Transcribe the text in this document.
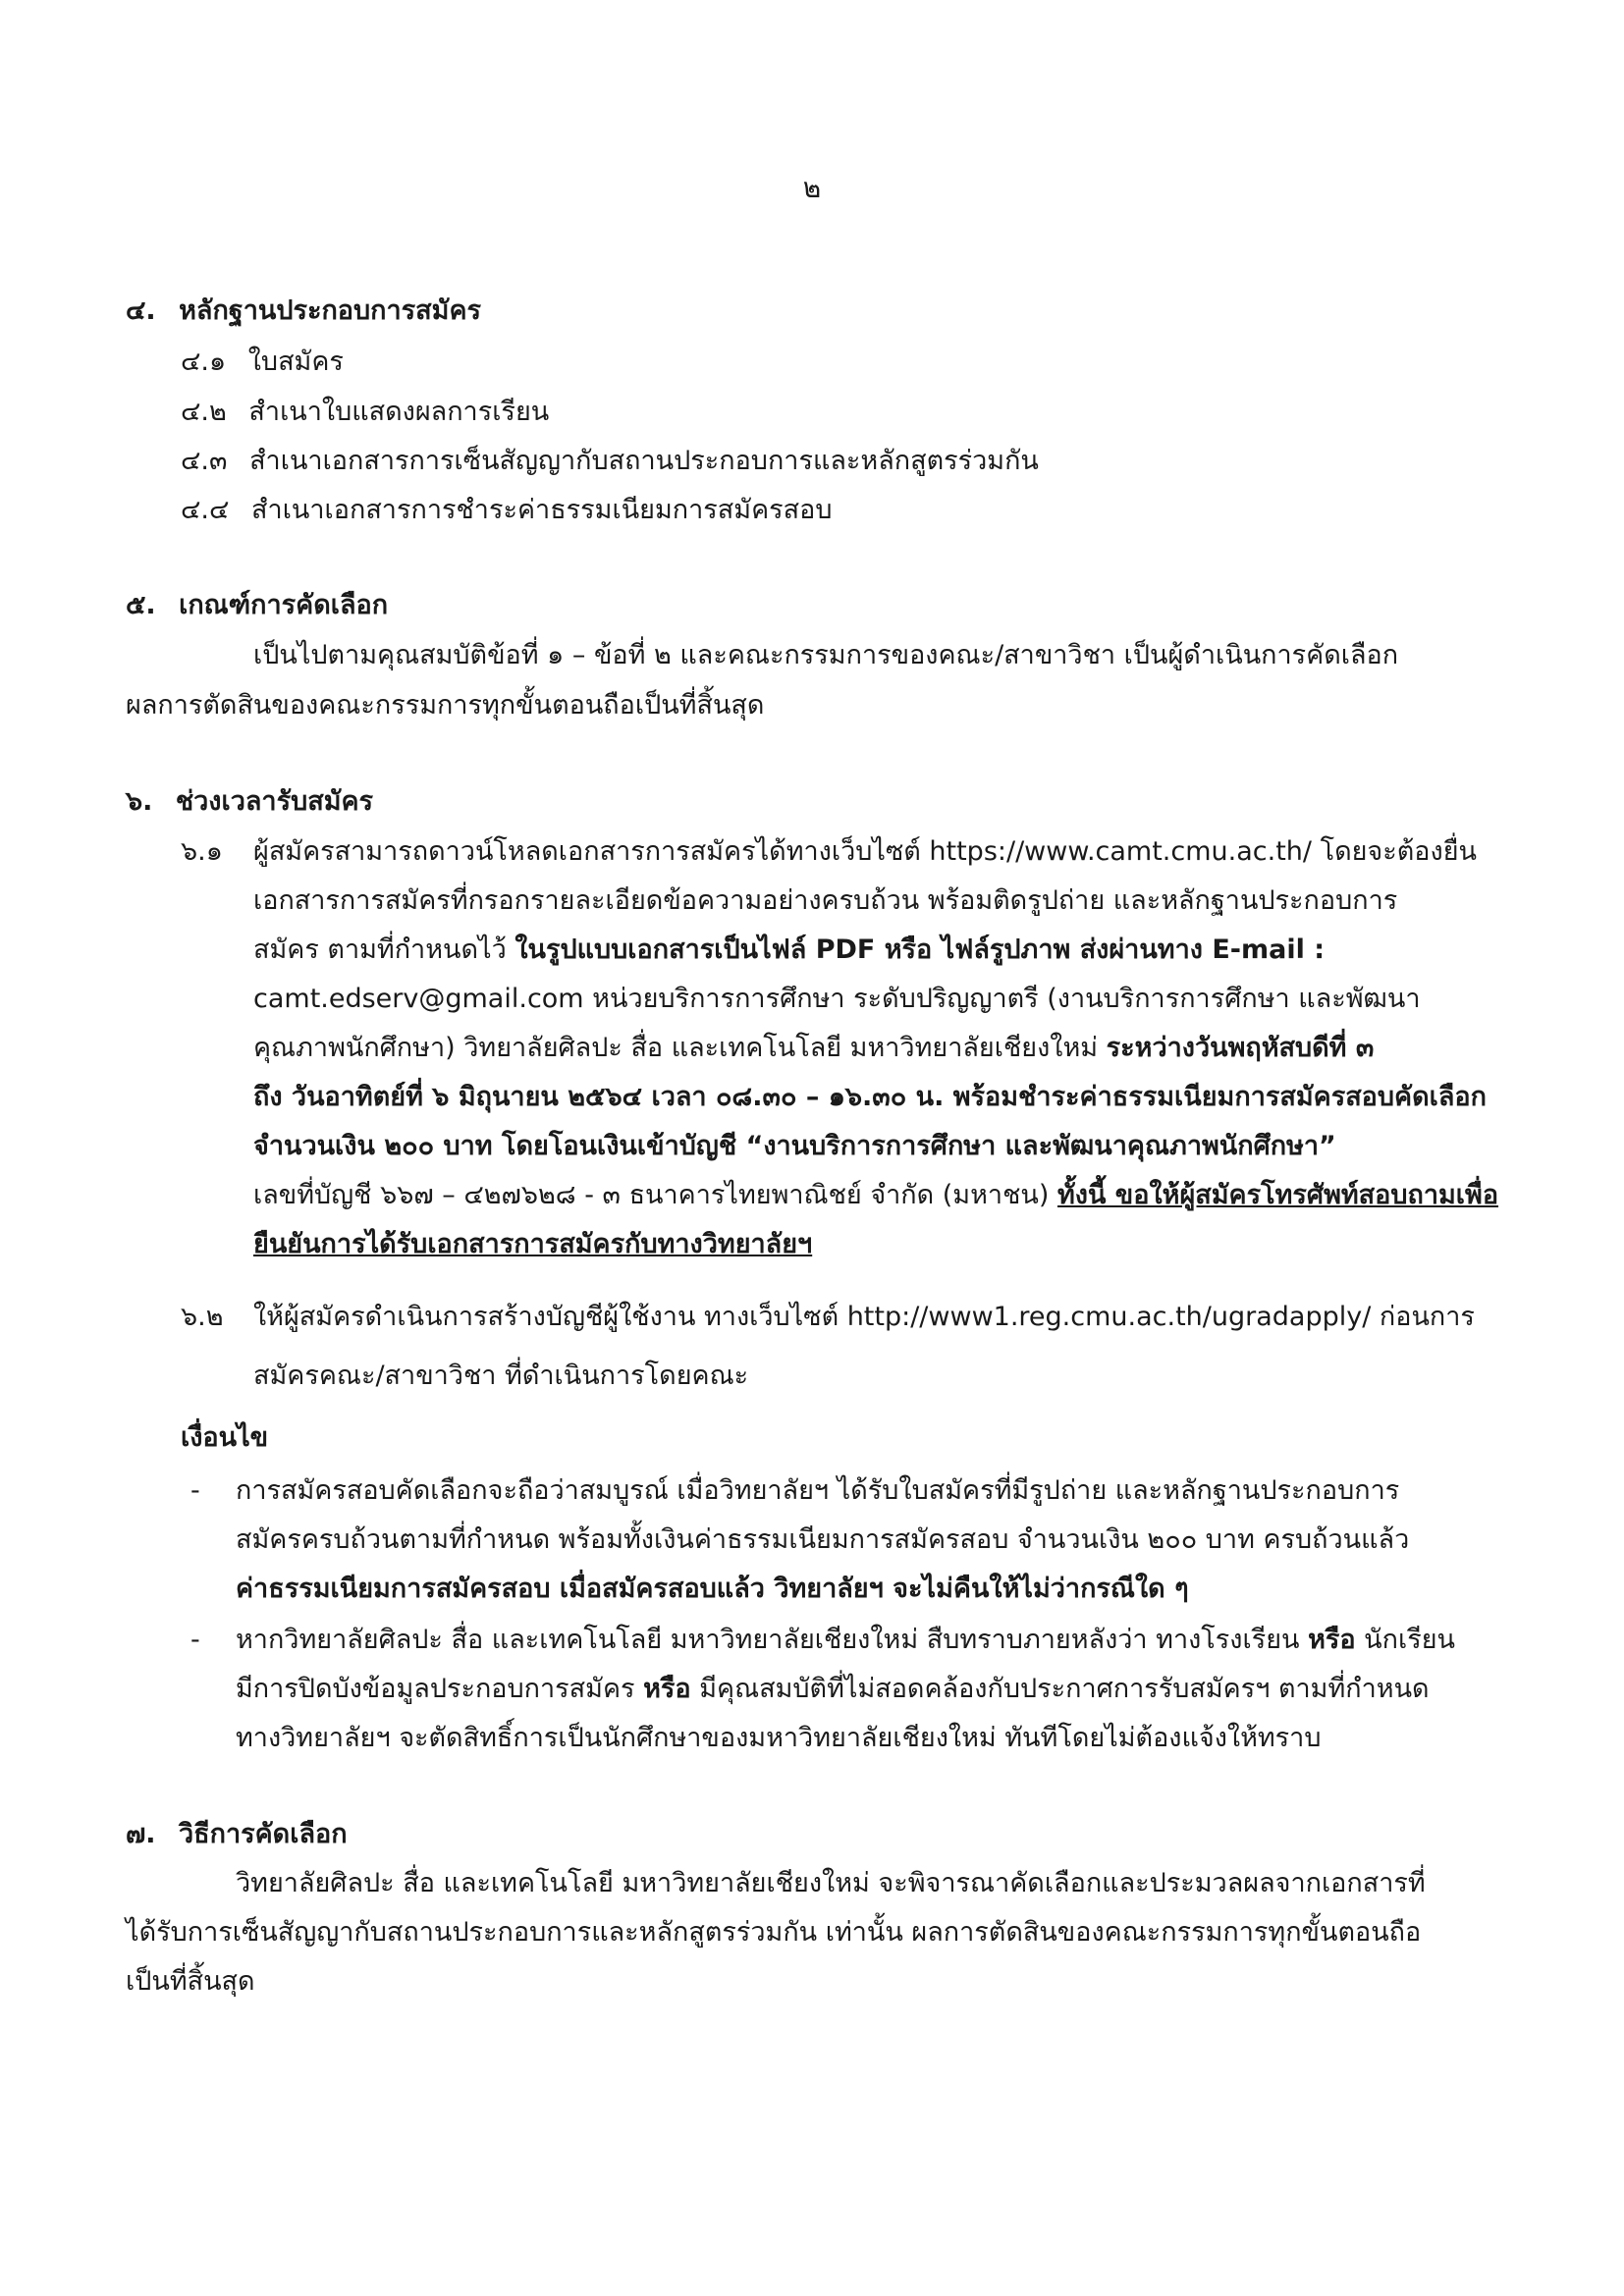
๒
๔. หลักฐานประกอบการสมัคร
๔.๑ ใบสมัคร
๔.๒ สำเนาใบแสดงผลการเรียน
๔.๓ สำเนาเอกสารการเซ็นสัญญากับสถานประกอบการและหลักสูตรร่วมกัน
๔.๔ สำเนาเอกสารการชำระค่าธรรมเนียมการสมัครสอบ
๕. เกณฑ์การคัดเลือก
เป็นไปตามคุณสมบัติข้อที่ ๑ – ข้อที่ ๒ และคณะกรรมการของคณะ/สาขาวิชา เป็นผู้ดำเนินการคัดเลือก
ผลการตัดสินของคณะกรรมการทุกขั้นตอนถือเป็นที่สิ้นสุด
๖. ช่วงเวลารับสมัคร
๖.๑ ผู้สมัครสามารถดาวน์โหลดเอกสารการสมัครได้ทางเว็บไซต์ https://www.camt.cmu.ac.th/ โดยจะต้องยื่น
เอกสารการสมัครที่กรอกรายละเอียดข้อความอย่างครบถ้วน พร้อมติดรูปถ่าย และหลักฐานประกอบการ
สมัคร ตามที่กำหนดไว้ ในรูปแบบเอกสารเป็นไฟล์ PDF หรือ ไฟล์รูปภาพ ส่งผ่านทาง E-mail :
camt.edserv@gmail.com หน่วยบริการการศึกษา ระดับปริญญาตรี (งานบริการการศึกษา และพัฒนา
คุณภาพนักศึกษา) วิทยาลัยศิลปะ สื่อ และเทคโนโลยี มหาวิทยาลัยเชียงใหม่ ระหว่างวันพฤหัสบดีที่ ๓
ถึง วันอาทิตย์ที่ ๖ มิถุนายน ๒๕๖๔ เวลา ๐๘.๓๐ – ๑๖.๓๐ น. พร้อมชำระค่าธรรมเนียมการสมัครสอบคัดเลือก
จำนวนเงิน ๒๐๐ บาท โดยโอนเงินเข้าบัญชี “งานบริการการศึกษา และพัฒนาคุณภาพนักศึกษา”
เลขที่บัญชี ๖๖๗ – ๔๒๗๖๒๘ - ๓ ธนาคารไทยพาณิชย์ จำกัด (มหาชน) ทั้งนี้ ขอให้ผู้สมัครโทรศัพท์สอบถามเพื่อ
ยืนยันการได้รับเอกสารการสมัครกับทางวิทยาลัยฯ
๖.๒ ให้ผู้สมัครดำเนินการสร้างบัญชีผู้ใช้งาน ทางเว็บไซต์ http://www1.reg.cmu.ac.th/ugradapply/ ก่อนการ
สมัครคณะ/สาขาวิชา ที่ดำเนินการโดยคณะ
เงื่อนไข
- การสมัครสอบคัดเลือกจะถือว่าสมบูรณ์ เมื่อวิทยาลัยฯ ได้รับใบสมัครที่มีรูปถ่าย และหลักฐานประกอบการ
สมัครครบถ้วนตามที่กำหนด พร้อมทั้งเงินค่าธรรมเนียมการสมัครสอบ จำนวนเงิน ๒๐๐ บาท ครบถ้วนแล้ว
ค่าธรรมเนียมการสมัครสอบ เมื่อสมัครสอบแล้ว วิทยาลัยฯ จะไม่คืนให้ไม่ว่ากรณีใด ๆ
- หากวิทยาลัยศิลปะ สื่อ และเทคโนโลยี มหาวิทยาลัยเชียงใหม่ สืบทราบภายหลังว่า ทางโรงเรียน หรือ นักเรียน
มีการปิดบังข้อมูลประกอบการสมัคร หรือ มีคุณสมบัติที่ไม่สอดคล้องกับประกาศการรับสมัครฯ ตามที่กำหนด
ทางวิทยาลัยฯ จะตัดสิทธิ์การเป็นนักศึกษาของมหาวิทยาลัยเชียงใหม่ ทันทีโดยไม่ต้องแจ้งให้ทราบ
๗. วิธีการคัดเลือก
วิทยาลัยศิลปะ สื่อ และเทคโนโลยี มหาวิทยาลัยเชียงใหม่ จะพิจารณาคัดเลือกและประมวลผลจากเอกสารที่
ได้รับการเซ็นสัญญากับสถานประกอบการและหลักสูตรร่วมกัน เท่านั้น ผลการตัดสินของคณะกรรมการทุกขั้นตอนถือ
เป็นที่สิ้นสุด
